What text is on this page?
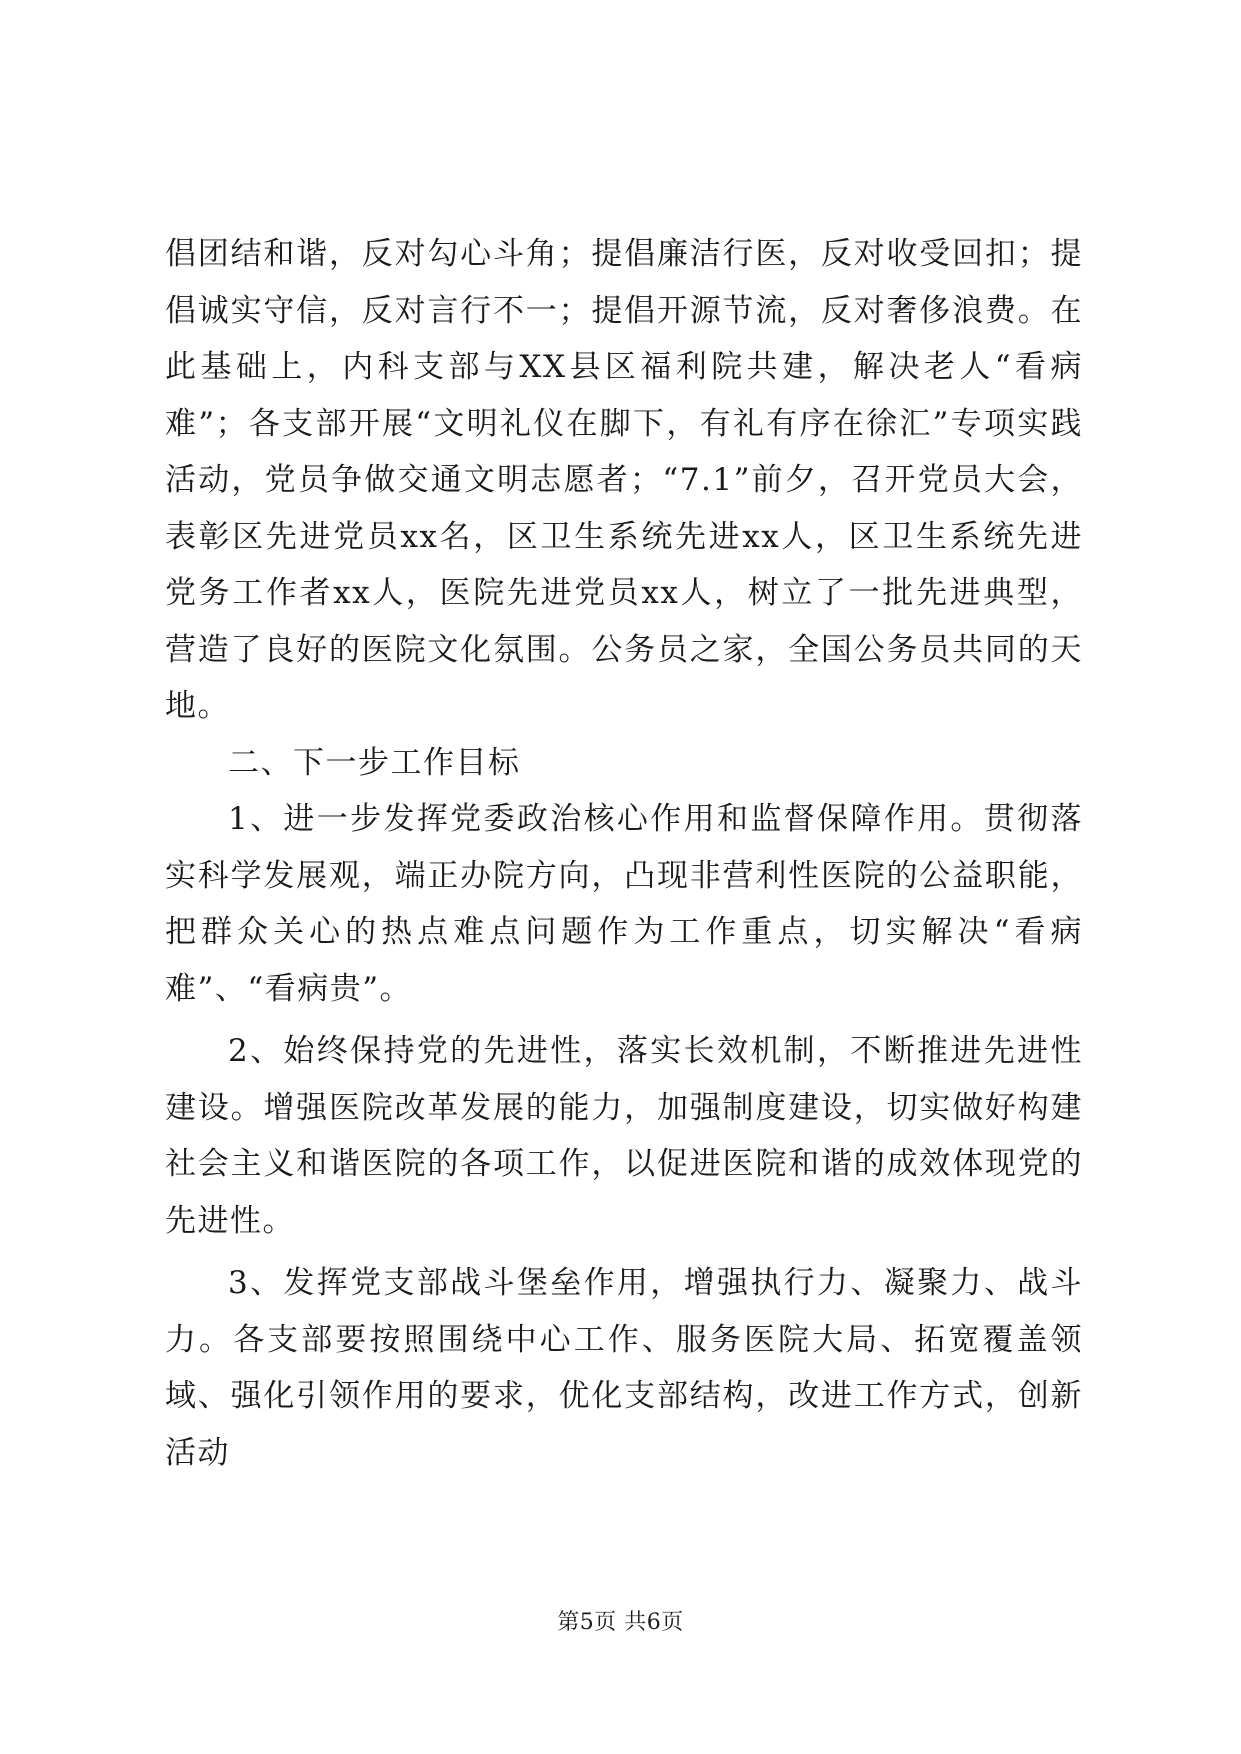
倡团结和谐，反对勾心斗角；提倡廉洁行医，反对收受回扣；提倡诚实守信，反对言行不一；提倡开源节流，反对奢侈浪费。在此基础上，内科支部与XX县区福利院共建，解决老人“看病难”；各支部开展“文明礼仪在脚下，有礼有序在徐汇”专项实践活动，党员争做交通文明志愿者；“7.1”前夕，召开党员大会，表彰区先进党员xx名，区卫生系统先进xx人，区卫生系统先进党务工作者xx人，医院先进党员xx人，树立了一批先进典型，营造了良好的医院文化氛围。公务员之家，全国公务员共同的天地。

二、下一步工作目标

1、进一步发挥党委政治核心作用和监督保障作用。贯彻落实科学发展观，端正办院方向，凸现非营利性医院的公益职能，把群众关心的热点难点问题作为工作重点，切实解决“看病难”、“看病贵”。

2、始终保持党的先进性，落实长效机制，不断推进先进性建设。增强医院改革发展的能力，加强制度建设，切实做好构建社会主义和谐医院的各项工作，以促进医院和谐的成效体现党的先进性。

3、发挥党支部战斗堡垒作用，增强执行力、凝聚力、战斗力。各支部要按照围绕中心工作、服务医院大局、拓宽覆盖领域、强化引领作用的要求，优化支部结构，改进工作方式，创新活动

第5页 共6页
